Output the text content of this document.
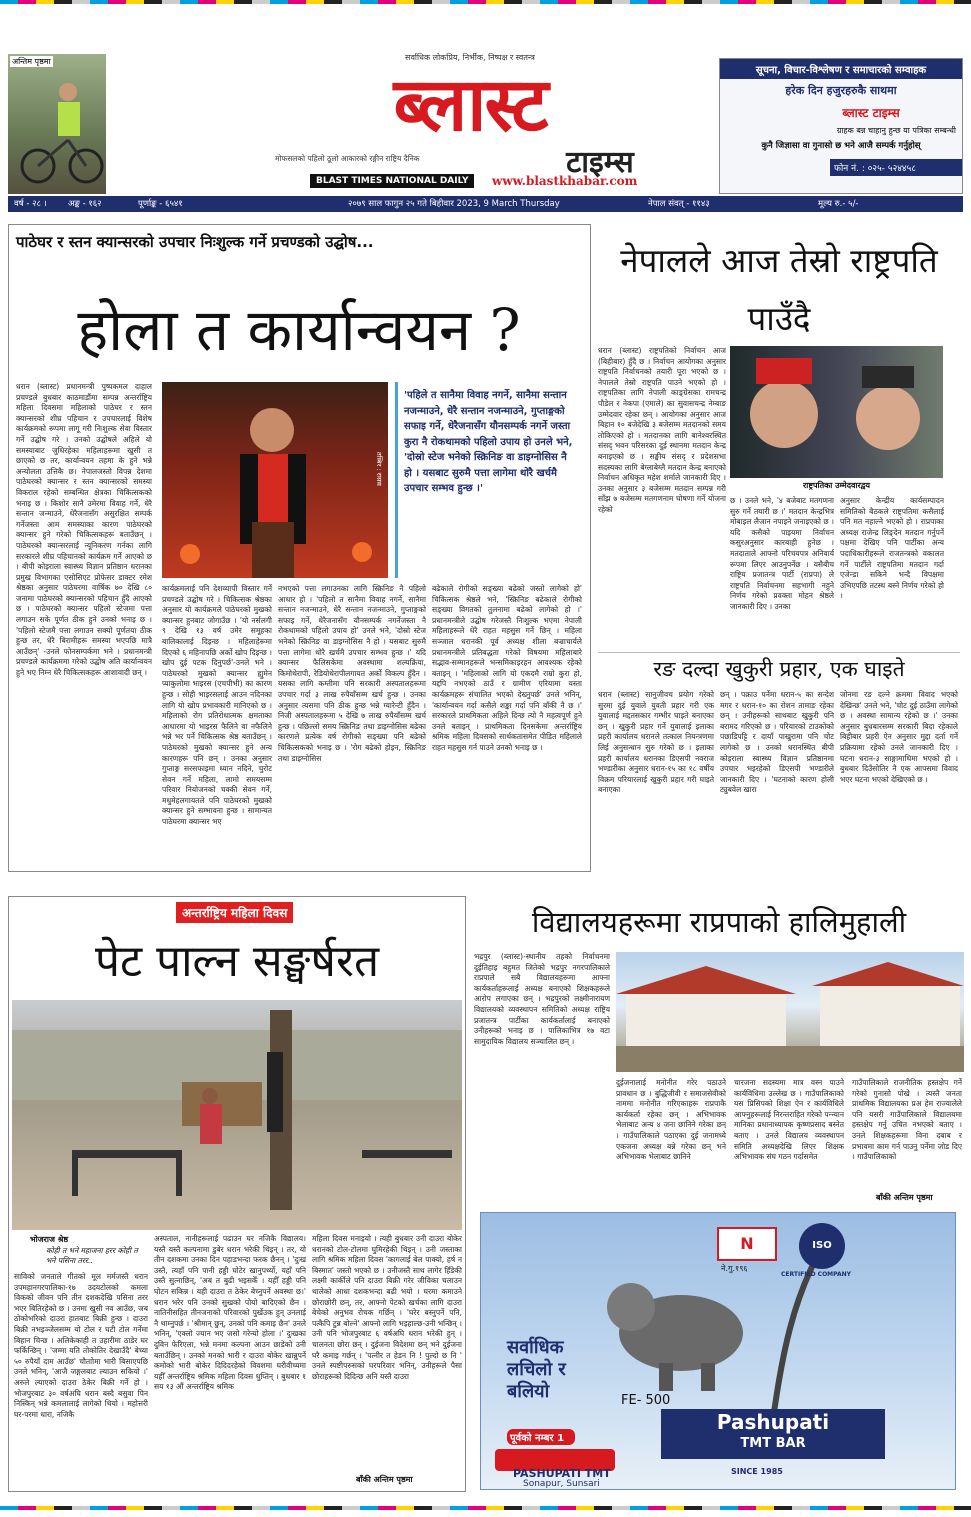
अन्तिम पृष्ठमा	सर्वाधिक लोकप्रिय, निर्भीक, निष्पक्ष र स्वतन्त्र
ब्लास्ट
टाइम्स
मोफसलको पहिलो ठूलो आकारको रङ्गीन राष्ट्रिय दैनिक
BLAST TIMES NATIONAL DAILY	www.blastkhabar.com
सूचना, विचार-विश्लेषण र समाचारको सम्वाहक
हरेक दिन हजुरहरुकै साथमा
ब्लास्ट टाइम्स
ग्राहक बन्न चाहानु हुन्छ या पत्रिका सम्बन्धी
कुनै जिज्ञासा वा गुनासो छ भने आजै सम्पर्क गर्नुहोस्
फोन नं. : ०२५- ५२४४५८
वर्ष - २८ । अङ्क - १६२	पूर्णाङ्क - ६५४१	२०७९ साल फागुन २५ गते बिहीवार 2023, 9 March Thursday	नेपाल संवत् - ११४३	मूल्य रु.- ५/-
पाठेघर र स्तन क्यान्सरको उपचार निःशुल्क गर्ने प्रचण्डको उद्घोष...
होला त कार्यान्वयन ?
धरान (ब्लास्ट) प्रधानमन्त्री पुष्पकमल दाहाल प्रचण्डले बुधबार काठमाडौंमा सम्पन्न अन्तर्राष्ट्रिय महिला दिवसमा महिलाको पाठेघर र स्तन क्यान्सरको शीघ्र पहिचान र उपचारलाई विशेष कार्यक्रमको रूपमा लागू गरी निःशुल्क सेवा विस्तार गर्ने उद्घोष गरे । उनको उद्घोषले अहिले यो समस्याबाट जुधिरहेका महिलाहरूमा खुसी त छाएको छ तर, कार्यान्वयन तहमा के हुने भन्ने अन्योलता उत्तिकै छ। नेपालजस्तो विपन्न देशमा पाठेघरको क्यान्सर र स्तन क्यान्सरको समस्या विकराल रहेको सम्बन्धित क्षेत्रका चिकित्सकको भनाइ छ । किशोर सानै उमेरमा विवाह गर्ने, धेरै सन्तान जन्माउने, धेरैजनासँग असुरक्षित सम्पर्क गर्नेजस्ता आम समस्याका कारण पाठेघरको क्यान्सर हुने गरेको चिकित्सकहरू बताउँछन् । पाठेघरको क्यान्सरलाई न्यूनिकरण गर्नका लागि सरकारले शीघ्र पहिचानको कार्यक्रम गर्ने आएको छ । बीपी कोइराला स्वास्थ्य विज्ञान प्रतिष्ठान धरानका प्रमुख विभागका एसोसिएट प्रोफेसर डाक्टर रमेश श्रेष्ठका अनुसार पाठेघरमा वार्षिक ७० देखि ८० जनामा पाठेघरको क्यान्सरको पहिचान हुँदै आएको छ । पाठेघरको क्यान्सर पहिलो स्टेजमा पत्ता लगाउन सके पूर्णत ठीक हुने उनको भनाइ छ । 'पहिलो स्टेजमै पत्ता लगाउन सक्यो पूर्णतया ठीक हुन्छ तर, धेरै बिरामीहरू समस्या भएपछि मात्रै आउँछन्' -उनले फोनसम्पर्कमा भने । प्रधानमन्त्री प्रचण्डले कार्यक्रममा गरेको उद्घोष अति कार्यान्वयन हुने भए निम्न धेरै चिकित्सकहरू आशावादी छन् ।
तस्बिर : रासस
'पहिले त सानैमा विवाह नगर्ने, सानैमा सन्तान नजन्माउने, धेरै सन्तान नजन्माउने, गुप्ताङ्गको सफाइ गर्ने, धेरैजनासँग यौनसम्पर्क नगर्ने जस्ता कुरा नै रोकथामको पहिलो उपाय हो उनले भने, 'दोस्रो स्टेज भनेको स्क्रिनिङ वा डाइग्नोसिस नै हो । यसबाट सुरुमै पत्ता लागेमा थोरै खर्चमै उपचार सम्भव हुन्छ ।'
कार्यक्रमलाई पनि देशव्यापी विस्तार गर्ने प्रचण्डले उद्घोष गरे । चिकित्सक श्रेष्ठका अनुसार यो कार्यक्रमले पाठेघरको मुखको क्यान्सर हुनबाट जोगाउँछ । 'यो नर्सलगी ९ देखि १३ वर्ष उमेर समूहका बालिकालाई दिइन्छ । महिलाहेरूमा दिएको ६ महिनापछि अर्को खोप दिइन्छ । खोप दुई पटक दिनुपर्छ'-उनले भने । पाठेघरको मुखको क्यान्सर ह्युमेन प्याकुलोमा भाइरस (एचपीभी) का कारण हुन्छ । सोही भाइरसलाई आउन नदिनका लागि यो खोप प्रभावकारी मानिएको छ । महिलाको रोग प्रतिरोधात्मक क्षमताका आधारमा यो भाइरस फैलिने वा नफैलिने भन्ने भर पर्ने चिकित्सक श्रेष्ठ बताउँछन् । पाठेघरको मुखको क्यान्सर हुने अन्य कारणहरू पनि छन् । उनका अनुसार गुप्ताङ्ग सरसफाइमा ध्यान नदिने, चुरोट सेवन गर्ने महिला, लामो समयसम्म परिवार नियोजनको चक्की सेवन गर्ने, मधुमेहलगायतले पनि पाठेघरको मुखको क्यान्सर हुने सम्भावना हुन्छ । सामान्यत पाठेघरमा क्यान्सर भए
नभएको पत्ता लगाउनका लागि स्क्रिनिङ नै पहिलो आधार हो । 'पहिलो त सानैमा विवाह नगर्ने, सानैमा सन्तान नजन्माउने, धेरै सन्तान नजन्माउने, गुप्ताङ्गको सफाइ गर्ने, धेरैजनासँग यौनसम्पर्क नगर्नेजस्ता नै रोकथामको पहिलो उपाय हो' उनले भने, 'दोस्रो स्टेज भनेको स्क्रिनिङ वा डाइग्नोसिस नै हो । यसबाट सुरुमै पत्ता लागेमा थोरै खर्चमै उपचार सम्भव हुन्छ ।' यदि क्यान्सर फैलिसकेमा अवस्थामा शल्यक्रिया, किमोथेरापी, रेडियोथेरापीलगायत अर्को विकल्प हुँदैन । यसका लागि कम्तीमा पनि सरकारी अस्पतालहरूमा उपचार गर्दा ३ लाख रुपैयाँसम्म खर्च हुन्छ । उनका अनुसार त्यसमा पनि ठीक हुन्छ भन्ने ग्यारेन्टी हुँदैन । निजी अस्पतालहरूमा ५ देखि ७ लाख रुपैयाँसम्म खर्च हुन्छ । पछिल्लो समय स्क्रिनिङ तथा डाइग्नोसिस बढेका कारणले प्रत्येक वर्ष रोगीको सङ्ख्या पनि बढेको चिकित्सकको भनाइ छ । 'रोग बढेको होइन, स्क्रिनिङ तथा डाइग्नोसिस
बढेकाले रोगीको सङ्ख्या बढेको जस्तो लागेको हो' चिकित्सक श्रेष्ठले भने, 'स्क्रिनिङ बढेकाले रोगीको सङ्ख्या विगतको तुलनामा बढेको लागेको हो ।' प्रधानमन्त्रीले उद्घोष गरेजस्तै निःशुल्क भएमा नेपाली महिलाहरूले धेरै राहत महसुस गर्ने छिन् । महिला सञ्जाल धरानकी पूर्व अध्यक्ष शीला बज्राचार्यले प्रधानमन्त्रीले प्रतिबद्धता गरेको विषयमा महिलाबारे सद्भाव-सम्मानहरूले भन्समिकाइरहन आवश्यक रहेको बताइन् । 'महिलाको लागि यो एकदमै राम्रो कुरा हो, यद्दपि नभएको ठाउँ र ग्रामीण एरियामा यस्ता कार्यक्रमहरू संचालित भएको देख्नुपर्छ' उनले भनिन्, 'कार्यान्वयन गर्दा कसैले शङ्का गर्दा पनि बाँकी नै छ ।' सरकारले प्राथमिकता अहिले दिन्छ त्यो नै महत्वपूर्ण हुने उनले बताइन् । प्राथमिकता दिनसकेमा अन्तर्राष्ट्रिय श्रमिक महिला दिवसको सार्थकतासमेत पीडित महिलाले राहत महसुस गर्न पाउने उनको भनाइ छ ।
नेपालले आज तेस्रो राष्ट्रपति पाउँदै
धरान (ब्लास्ट) राष्ट्रपतिको निर्वाचन आज (बिहीबार) हुँदै छ । निर्वाचन आयोगका अनुसार राष्ट्रपति निर्वाचनको तयारी पूरा भएको छ । नेपालले तेस्रो राष्ट्रपति पाउने भएको हो । राष्ट्रपतिका लागि नेपाली काङ्ग्रेसका रामचन्द्र पौडेल र नेकपा (एमाले) का सुवासचन्द्र नेम्बाङ उम्मेदवार रहेका छन् । आयोगका अनुसार आज बिहान १० बजेदेखि ३ बजेसम्म मतदानको समय तोकिएको हो । मतदानका लागि बानेश्वरस्थित संसद् भवन परिसरका दुई स्थानमा मतदान केन्द्र बनाइएको छ । सङ्घीय संसद् र प्रदेशसभा सदस्यका लागि बेग्लाबेग्लै मतदान केन्द्र बनाएको निर्वाचन अधिकृत महेश शर्माले जानकारी दिए । उनका अनुसार ३ बजेसम्म मतदान सम्पन्न गरी साँझ ७ बजेसम्म मतगणनाम घोषणा गर्ने योजना रहेको
राष्ट्रपतिका उम्मेदवारद्वय
छ । उनले भने, '४ बजेबाट मतगणना सुरु गर्ने तयारी छ ।' मतदान केन्द्रभित्र मोबाइल लैजान नपाइने जनाइएको छ । यदि कसैको पाइयमा निर्वाचन कसुरअनुसार कारबाही हुनेछ । मतदाताले आफ्नो परिचयपत्र अनिवार्य रूपमा लिएर आउनुपर्नेछ । यसैबीच राष्ट्रिय प्रजातन्त्र पार्टी (राप्रपा) ले राष्ट्रपति निर्वाचनमा सहभागी नहुने निर्णय गरेको प्रवक्ता मोहन श्रेष्ठले जानकारी दिए । उनका
अनुसार केन्द्रीय कार्यसम्पादन समितिको बैठकले राष्ट्रपतिमा कसैलाई पनि मत नहाल्ने भएको हो । राप्रपाका अध्यक्ष राजेन्द्र लिङ्देन मतदान गर्नुपर्ने पक्षमा देखिए पनि पार्टीका अन्य पदाधिकारीहरूले राजतन्त्रको वकालत गर्ने पार्टीले राष्ट्रपतिमा मतदान गर्दा एजेन्डा सकिने भन्दै विपक्षमा उभिएपछि तटस्थ बस्ने निर्णय गरेको हो ।
रङ दल्दा खुकुरी प्रहार, एक घाइते
धरान (ब्लास्ट) सानुजीवच प्रयोग गरेको सुरमा दुई युवाले युवती प्रहार गरी एक युवालाई मद्दतसकार गम्भीर घाइते बनाएका छन् । खुकुरी प्रहार गर्ने युवालाई इलाका प्रहरी कार्यालय धरानले तत्काल नियन्त्रणमा लिई अनुसन्धान सुरु गरेको छ । इलाका प्रहरी कार्यालय धरानका डिएसपी नवराज भण्डारीका अनुसार धरान-१५ का १८ वर्षीय विक्रम परियारलाई खुकुरी प्रहार गरी घाइते बनाएका
छन् । पक्राउ पर्नेमा धरान-५ का सन्देश मगर र धरान-१० का रोशन तामाङ रहेका छन् । उनीहरूको साथबाट खुकुरी पनि बरामद गरिएको छ । परियारको टाउकोको पछाडिपट्टि र दायाँ पाखुरामा पनि चोट लागेको छ । उनको धरानस्थित बीपी कोइराला स्वास्थ्य विज्ञान प्रतिष्ठानमा उपचार भइरहेको डिएसपी भण्डारीले जानकारी दिए । 'घटनाको कारण होली ट्युबवेल खारा
जोनमा रङ दल्ने क्रममा विवाद भएको देखिन्छ' उनले भने, 'चोट दुई ठाउँमा लागेको छ । अवस्था सामान्य रहेको छ ।' उनका अनुसार बुधबारसम्म सरकारी बिदा रहेकाले बिहीबार प्रहरी ऐन अनुसार मुद्दा दर्ता गर्ने प्रक्रियामा रहेको उनले जानकारी दिए । घटना धरान-३ साङ्गामाथिमा भएको हो । बुधबार दिउँसोतिर नै एक आपसमा विवाद भएर घटना भएको देखिएको छ ।
अन्तर्राष्ट्रिय महिला दिवस
पेट पाल्न सङ्घर्षरत
भोजराज श्रेष्ठ
कोही त भने महाजना हरर कोही त भने पसिना तरर..
साविको जनताले गीतको मूल मर्मजस्तै धरान उपमहानगरपालिका-१७ उदयटोलको कमला विकको जीवन पनि तीन दशकदेखि पसिना तरर भएर बितिरहेको छ । उनमा खुसी नव आउँछ, जब ठोकोभरिको दाउरा हातबाट बिक्री हुन्छ । दाउरा बिक्री नभइञ्जेलसम्म यो टोल र घटी टोल गर्नेमा बिहान चिन्छ । अलिकेकाही त उहारीमा ठाडेर घर फर्किन्छिन् । 'जम्मा यति तोकोतिर देखाउँदै' बेच्या ५० रुपैयाँ दाम आउँछ' चौताोमा भारी बिसाएपछि उनले भनिन्, 'आजै जङ्गलबाट ल्याउन सकियो ।' अरुले ल्याएको दाउरा ठेकेर बिक्री गर्ने हो । भोजपुरबाट ३० वर्षअघि धरान बस्दै बसुवा पिन निस्किन् भन्ने कमलालाई लागेको थियो । महोत्तरी घर-परमा धारा, नजिकै
अस्पताल, नानीहरूलाई पढाउन घर नजिकै विद्यालय। यस्तै यस्तै कल्पनामा डुबेर धरान भरेकी थिइन् । तर, यो तीन दशकमा उनका दिन पहाडभन्दा फरक छैनन् । 'दुःख उस्तै, त्यहाँ पनि पानी हड्डी घोटेर खानुपर्थ्यो, यहाँ पनि उस्तै सुत्नाछिन्, 'अब त बुढी भइसकेँ । यहीँ हड्डी पनि घोटन सकिन्न । यही दाउरा त ठेकेर बेच्नुपर्ने अवस्था छ।' धरान भरेर पनि उनको सुखको पोयो बादिएको छैन । नातिनीसहित तीनजनाको परिवारको पुर्खेउक हुन् उनलाई नै थाम्नुपर्छ । 'श्रीमान् छुन्, उनको पनि कमाइ छैन' उनले भनिन्, 'एक्लो ज्यान भए जसो गरेन्यो होला ।' दुःखका दुविन फेरिएला, भन्ने मनमा कल्पना आउन छाडेको उनी बताउँछिन् । उनको मनको भारी र दाउरा बोकेर खान्नुपर्ने कमोको भारी बोकेर दिदिदरहेको विवशमा घरीवीच्यमा यहीँ अन्तर्राष्ट्रिय श्रमिक महिला दिवस धुप्तिन् । बुधबार १ सय १३ औं अन्तर्राष्ट्रिय श्रमिक
महिला दिवस मनाइयो । त्यही बुधबार उनी दाउरा बोकेर धरानको टोल-टोलमा घुमिरहेकी थिइन् । उनी जस्ताका लागि श्रमिक महिला दिवस 'कागलाई बेल पाक्यो, हर्ष न बिस्मात' जस्तो भएको छ । उनीजस्तै साथ लागेर हिँडेकी लक्ष्मी कार्कीले पनि दाउरा बिक्री गरेर जीविका चलाउन थालेको आधा दशकभन्दा बढी भयो । घरमा कमाउने छोराछोरी छन्, तर, आफ्नो पेटको खर्चका लागि दाउरा बेचेको अनुभव रोचक गर्छिन् । 'घरेर बस्नुपर्ने पनि, पत्कैपि टुन्न बोल्ने' आफ्नो लागि भइहाल्छ-उनी भन्छिन् । उनी पनि भोजपुरबाट ६ वर्षअघि धरान भरेकी हुन् । चालनता छोरा छन् । दुईजना विदेशमा छन् भने दुईजना घरै कमाइ गर्छन् । 'पत्नीर त हेडन नि ! पुल्दो छ नि ' उनले स्पष्टीपरुसको घरपरिवार भनिन्, उनीहरूले पैसा छोराहरूको दिदिन्छ अनि यस्तै दाउरा
बाँकी अन्तिम पृष्ठमा
विद्यालयहरूमा राप्रपाको हालिमुहाली
भद्रपुर (ब्लास्ट)-स्थानीय तहको निर्वाचनमा दुईतिहाइ बहुमत जितेको भद्रपुर नगरपालिकाले राप्रपाले सबै विद्यालयहरूमा आफ्ना कार्यकर्ताहरूलाई अध्यक्ष बनाएको शिक्षकहरूले आरोप लगाएका छन् । भद्रपुरको लक्ष्मीनारायण विद्यालयको व्यवस्थापन समितिको अध्यक्ष राष्ट्रिय प्रजातन्त्र पार्टीका कार्यकर्तालाई बनाएको उनीहरूको भनाइ छ । पालिकाभित्र १७ वटा सामुदायिक विद्यालय सञ्चालित छन् ।
दुईजनालाई मनोनीत गरेर पठाउने प्रावधान छ । बुद्धिजीवी र समाजसेवीको नाममा मनोनीत गरिएकाहरू राप्रपाकै कार्यकर्ता रहेका छन् । अभिभावक भेलाबाट अन्य ४ जना छानिने गरेका छन् । गाउँपालिकाले पठाएका दुई जनामध्ये एकजना अध्यक्ष बन्ने गरेका छन् भने अभिभावक भेलाबाट छानिने
चारजना सदस्यमा मात्र वस्न पाउने कार्यविधिमा उल्लेख छ । गाउँपालिकाको यस प्रिसिपको शिक्षा ऐन र कार्यविधिले आफ्नुहरूलाई निरन्तराहित गरेको पन्न्यान मानिका प्रधानाध्यापक कृष्णप्रसाद बस्नेत बताए । उनले विद्यालय व्यवस्थापन समिति अध्यक्षदेखि लिएर शिक्षक अभिभावक संघ गठन गर्दासमेत
गाउँपालिकाले राजनीतिक हस्तक्षेप गर्ने गरेको गुनासो पोखे । त्यस्तै जनता प्राथमिक विद्यालयका प्रअ हेम राज्यालेले पनि यसरी गाउँपालिकाले विद्यालयमा हस्तक्षेप गर्नु उचित नभएको बताए । उनले शिक्षकहरूमा विना दबाब र प्रभावमा काम गर्न पाउनु पर्नेमा जोड दिए । गाउँपालिकाको
बाँकी अन्तिम पृष्ठमा
N
ने.गु.१९६
ISO
CERTIFIED COMPANY
पूर्वको नम्बर 1
सर्वाधिक लचिलो र बलियो	FE- 500
PASHUPATI TMT
Sonapur, Sunsari
Pashupati
TMT BAR
SINCE 1985
